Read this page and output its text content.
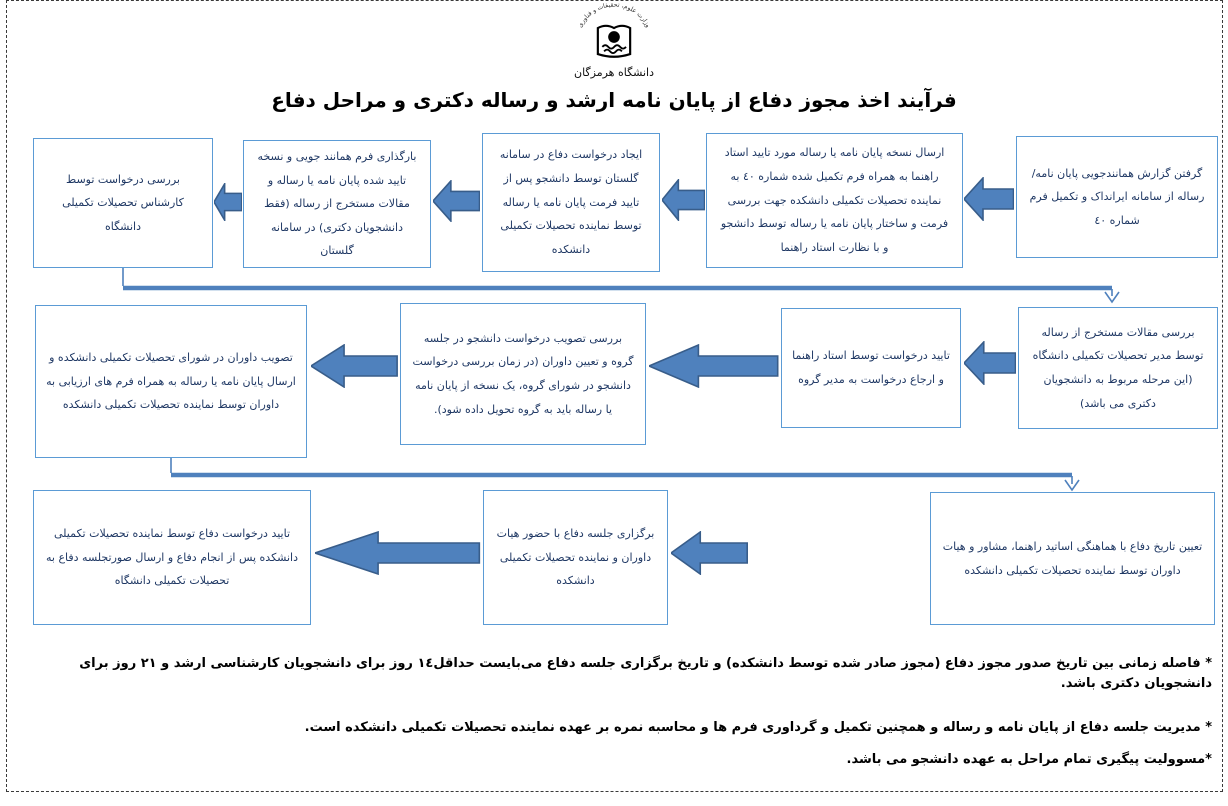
وزارت علوم، تحقیقات و فناوری
دانشگاه هرمزگان
فرآیند اخذ مجوز دفاع از پایان نامه ارشد و رساله دکتری و مراحل دفاع

گرفتن گزارش همانندجویی پایان نامه/ رساله از سامانه ایرانداک و تکمیل فرم شماره ٤٠

ارسال نسخه پایان نامه یا رساله مورد تایید استاد راهنما به همراه فرم تکمیل شده شماره ٤٠ به نماینده تحصیلات تکمیلی دانشکده جهت بررسی فرمت و ساختار پایان نامه یا رساله توسط دانشجو و با نظارت استاد راهنما

ایجاد درخواست دفاع در سامانه گلستان توسط دانشجو پس از تایید فرمت پایان نامه یا رساله توسط نماینده تحصیلات تکمیلی دانشکده

بارگذاری فرم همانند جویی و نسخه تایید شده پایان نامه یا رساله و مقالات مستخرج از رساله (فقط دانشجویان دکتری) در سامانه گلستان

بررسی درخواست توسط کارشناس تحصیلات تکمیلی دانشگاه

بررسی مقالات مستخرج از رساله توسط مدیر تحصیلات تکمیلی دانشگاه (این مرحله مربوط به دانشجویان دکتری می باشد)

تایید درخواست توسط استاد راهنما و ارجاع درخواست به مدیر گروه

بررسی تصویب درخواست دانشجو در جلسه گروه و تعیین داوران (در زمان بررسی درخواست دانشجو در شورای گروه، یک نسخه از پایان نامه یا رساله باید به گروه تحویل داده شود).

تصویب داوران در شورای تحصیلات تکمیلی دانشکده و ارسال پایان نامه یا رساله به همراه فرم های ارزیابی به داوران توسط نماینده تحصیلات تکمیلی دانشکده

تعیین تاریخ دفاع با هماهنگی اساتید راهنما، مشاور و هیات داوران توسط نماینده تحصیلات تکمیلی دانشکده

برگزاری جلسه دفاع با حضور هیات داوران و نماینده تحصیلات تکمیلی دانشکده

تایید درخواست دفاع توسط نماینده تحصیلات تکمیلی دانشکده پس از انجام دفاع و ارسال صورتجلسه دفاع به تحصیلات تکمیلی دانشگاه

* فاصله زمانی بین تاریخ صدور مجوز دفاع (مجوز صادر شده توسط دانشکده) و تاریخ برگزاری جلسه دفاع می‌بایست حداقل١٤ روز برای دانشجویان کارشناسی ارشد و ٢١ روز برای دانشجویان دکتری باشد.
* مدیریت جلسه دفاع از پایان نامه و رساله و همچنین تکمیل و گرداوری فرم ها و محاسبه نمره بر عهده نماینده تحصیلات تکمیلی دانشکده است.
*مسوولیت پیگیری تمام مراحل به عهده دانشجو می باشد.
